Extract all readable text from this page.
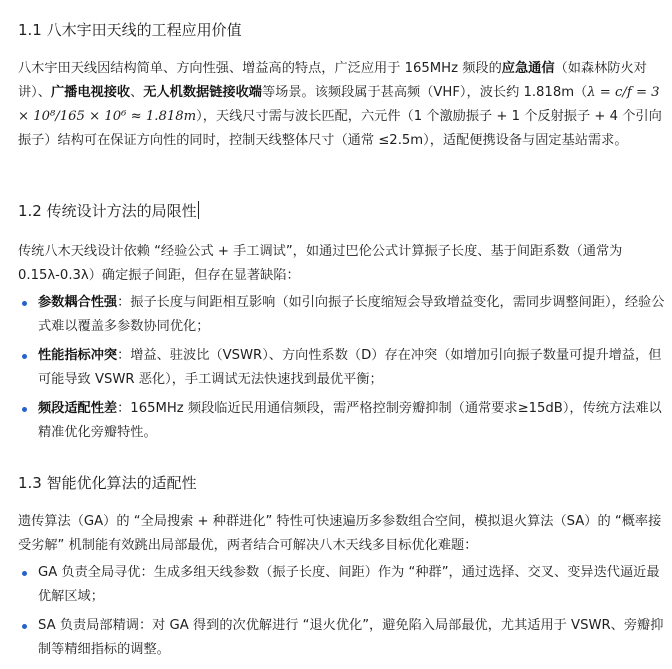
1.1 八木宇田天线的工程应用价值

八木宇田天线因结构简单、方向性强、增益高的特点，广泛应用于 165MHz 频段的应急通信（如森林防火对讲）、广播电视接收、无人机数据链接收端等场景。该频段属于甚高频（VHF），波长约 1.818m（λ = c/f = 3 × 10⁸/165 × 10⁶ ≈ 1.818m），天线尺寸需与波长匹配，六元件（1 个激励振子 + 1 个反射振子 + 4 个引向振子）结构可在保证方向性的同时，控制天线整体尺寸（通常 ≤2.5m），适配便携设备与固定基站需求。

1.2 传统设计方法的局限性

传统八木天线设计依赖 “经验公式 + 手工调试”，如通过巴伦公式计算振子长度、基于间距系数（通常为 0.15λ-0.3λ）确定振子间距，但存在显著缺陷：

参数耦合性强：振子长度与间距相互影响（如引向振子长度缩短会导致增益变化，需同步调整间距），经验公式难以覆盖多参数协同优化；
性能指标冲突：增益、驻波比（VSWR）、方向性系数（D）存在冲突（如增加引向振子数量可提升增益，但可能导致 VSWR 恶化），手工调试无法快速找到最优平衡；
频段适配性差：165MHz 频段临近民用通信频段，需严格控制旁瓣抑制（通常要求≥15dB），传统方法难以精准优化旁瓣特性。
1.3 智能优化算法的适配性

遗传算法（GA）的 “全局搜索 + 种群进化” 特性可快速遍历多参数组合空间，模拟退火算法（SA）的 “概率接受劣解” 机制能有效跳出局部最优，两者结合可解决八木天线多目标优化难题：

GA 负责全局寻优：生成多组天线参数（振子长度、间距）作为 “种群”，通过选择、交叉、变异迭代逼近最优解区域；
SA 负责局部精调：对 GA 得到的次优解进行 “退火优化”，避免陷入局部最优，尤其适用于 VSWR、旁瓣抑制等精细指标的调整。
